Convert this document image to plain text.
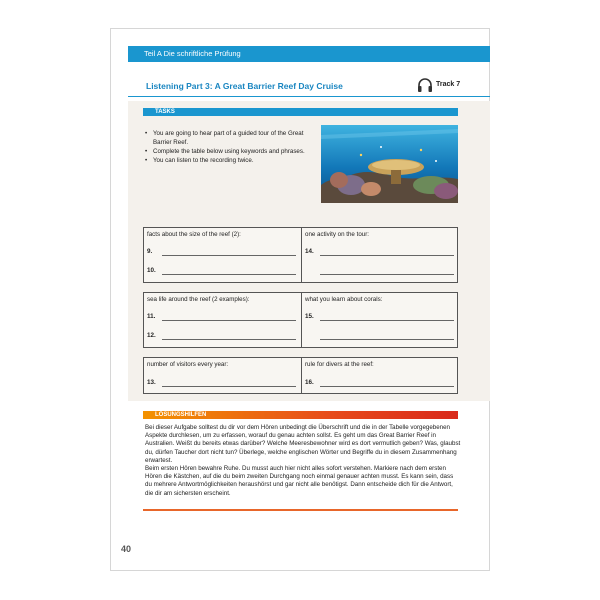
Teil A Die schriftliche Prüfung
Listening Part 3: A Great Barrier Reef Day Cruise	Track 7
TASKS
• You are going to hear part of a guided tour of the Great Barrier Reef.
• Complete the table below using keywords and phrases.
• You can listen to the recording twice.
facts about the size of the reef (2):
9.
10.
one activity on the tour:
14.
sea life around the reef (2 examples):
11.
12.
what you learn about corals:
15.
number of visitors every year:
13.
rule for divers at the reef:
16.
LÖSUNGSHILFEN

Bei dieser Aufgabe solltest du dir vor dem Hören unbedingt die Überschrift und die in der Tabelle vorgegebenen Aspekte durchlesen, um zu erfassen, worauf du genau achten sollst. Es geht um das Great Barrier Reef in Australien. Weißt du bereits etwas darüber? Welche Meeresbewohner wird es dort vermutlich geben? Was, glaubst du, dürfen Taucher dort nicht tun? Überlege, welche englischen Wörter und Begriffe du in diesem Zusammenhang erwartest.

Beim ersten Hören bewahre Ruhe. Du musst auch hier nicht alles sofort verstehen. Markiere nach dem ersten Hören die Kästchen, auf die du beim zweiten Durchgang noch einmal genauer achten musst. Es kann sein, dass du mehrere Antwortmöglichkeiten heraushörst und gar nicht alle benötigst. Dann entscheide dich für die Antwort, die dir am sichersten erscheint.

40
